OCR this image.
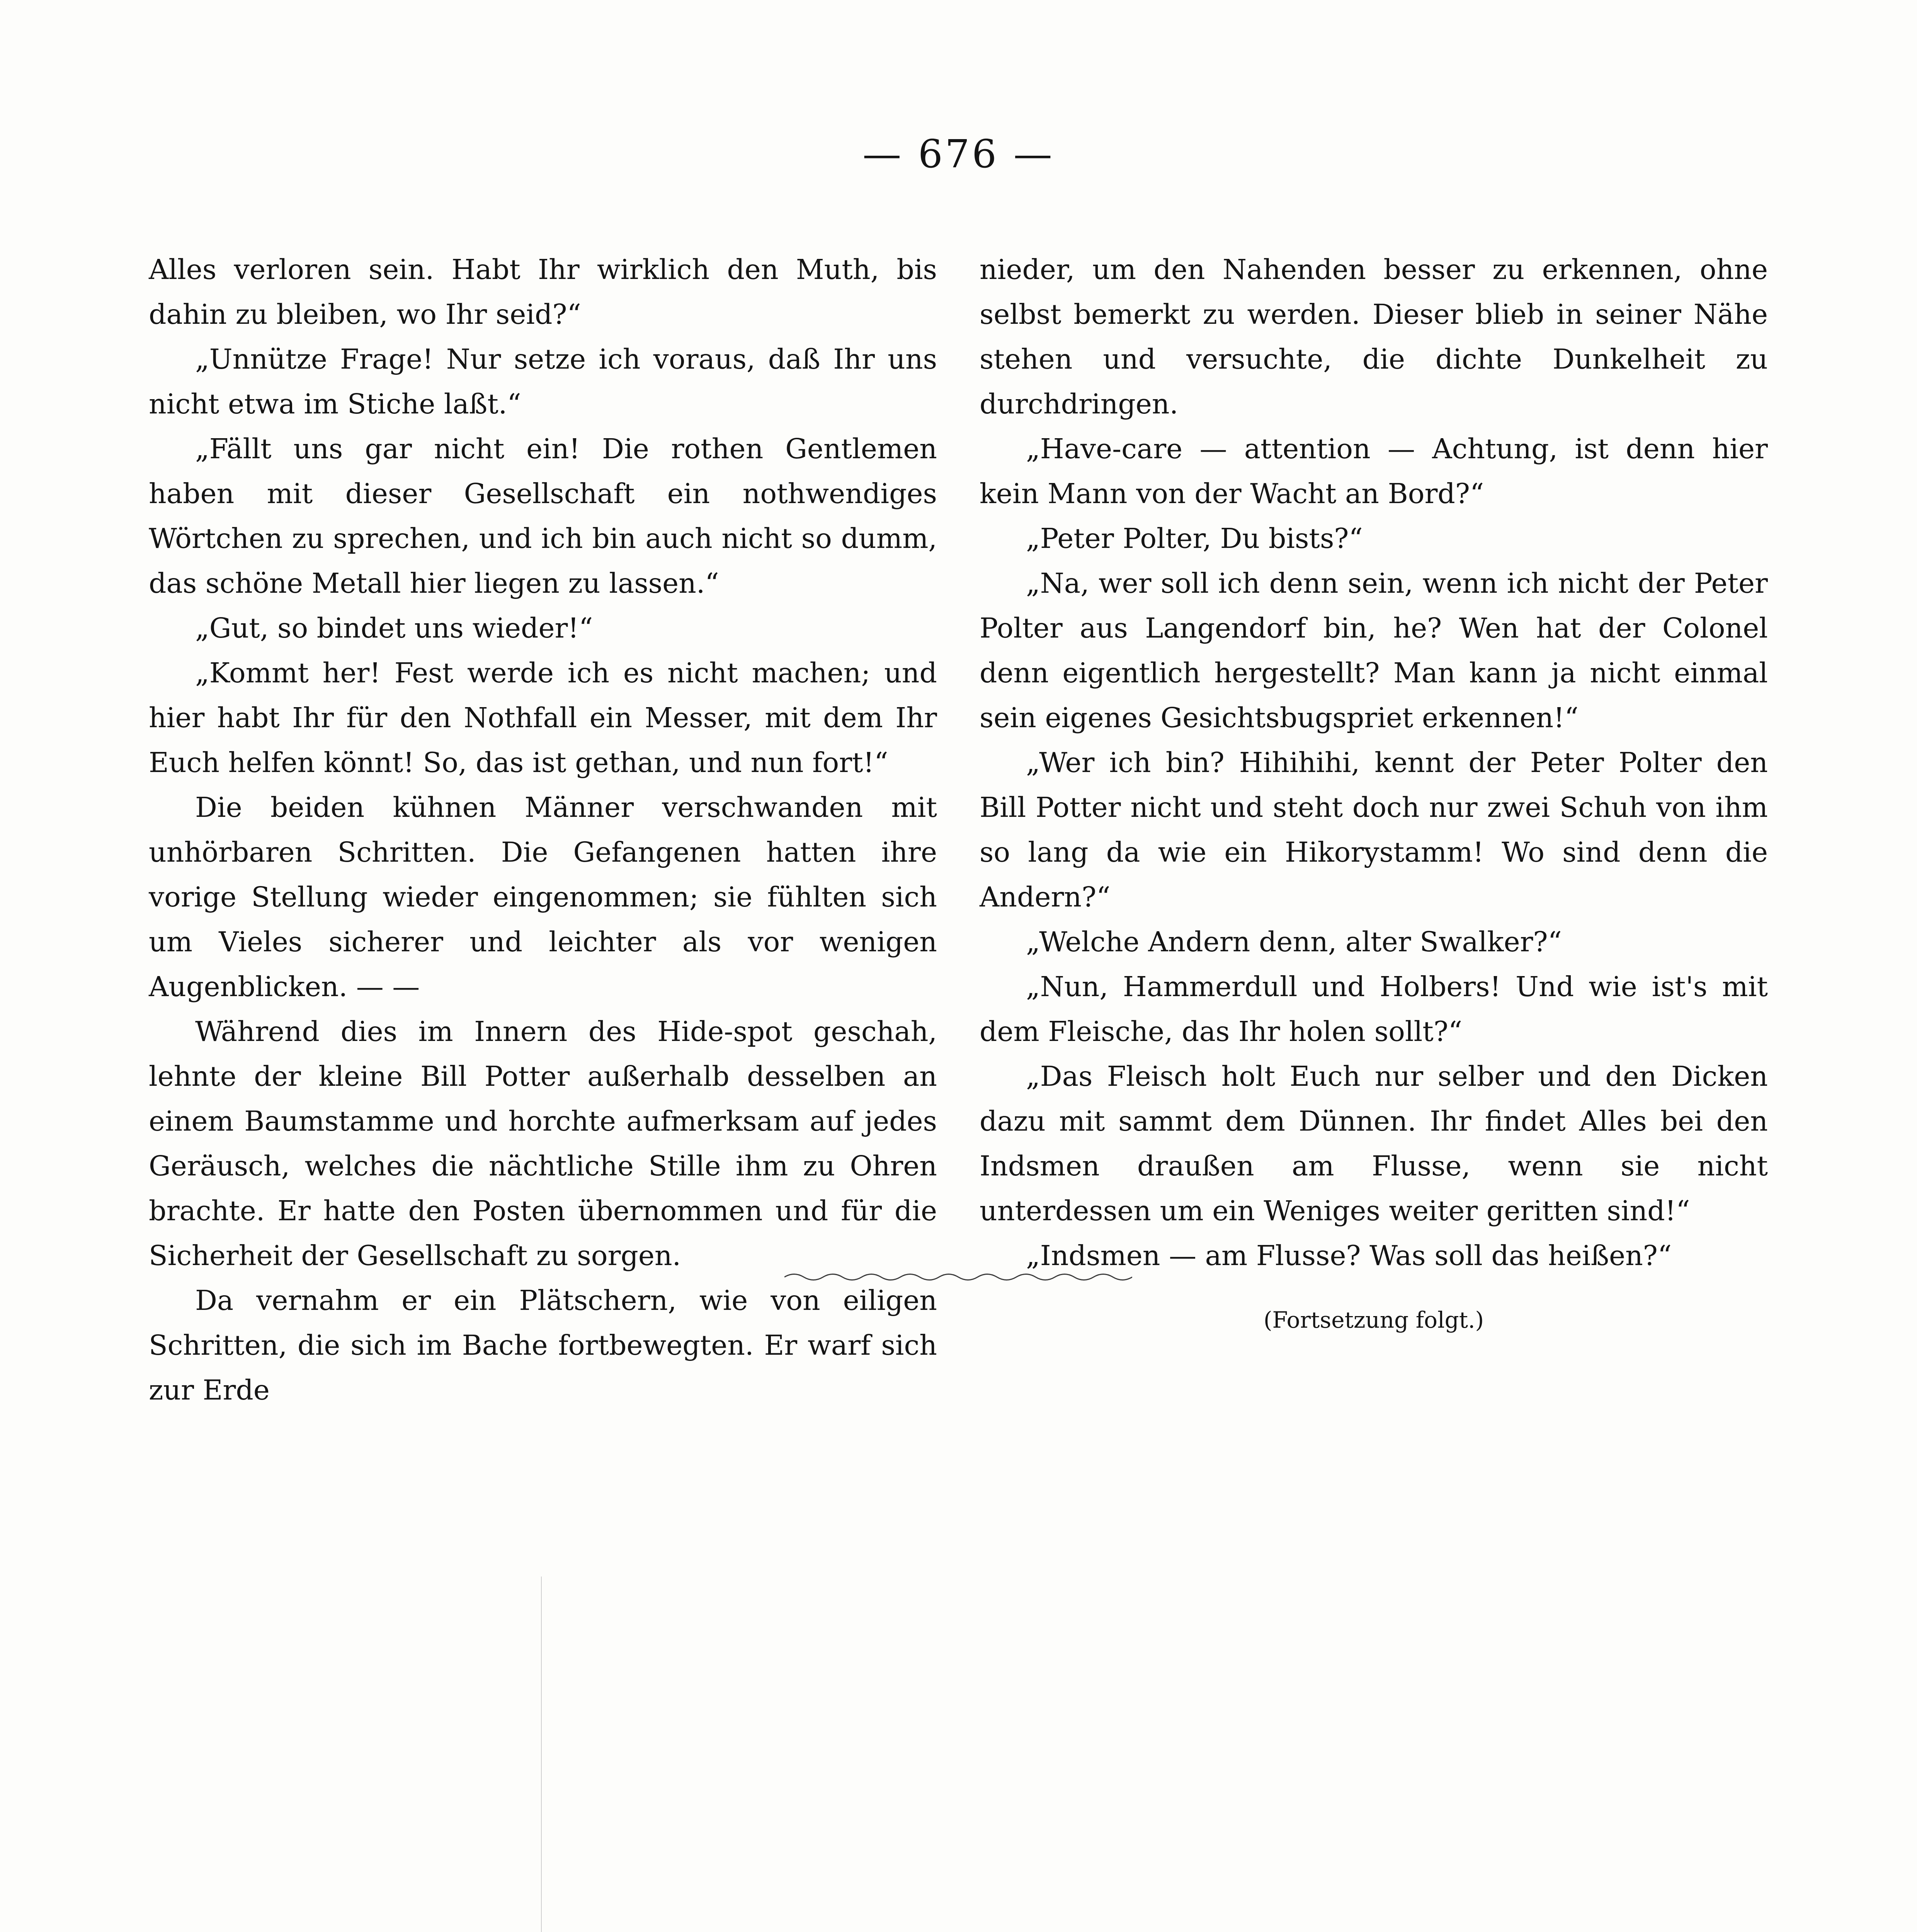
— 676 —

Alles verloren sein. Habt Ihr wirklich den Muth, bis dahin zu bleiben, wo Ihr seid?“

„Unnütze Frage! Nur setze ich voraus, daß Ihr uns nicht etwa im Stiche laßt.“

„Fällt uns gar nicht ein! Die rothen Gentlemen haben mit dieser Gesellschaft ein nothwendiges Wörtchen zu sprechen, und ich bin auch nicht so dumm, das schöne Metall hier liegen zu lassen.“

„Gut, so bindet uns wieder!“

„Kommt her! Fest werde ich es nicht machen; und hier habt Ihr für den Nothfall ein Messer, mit dem Ihr Euch helfen könnt! So, das ist gethan, und nun fort!“

Die beiden kühnen Männer verschwanden mit unhörbaren Schritten. Die Gefangenen hatten ihre vorige Stellung wieder eingenommen; sie fühlten sich um Vieles sicherer und leichter als vor wenigen Augenblicken. — —

Während dies im Innern des Hide-spot geschah, lehnte der kleine Bill Potter außerhalb desselben an einem Baumstamme und horchte aufmerksam auf jedes Geräusch, welches die nächtliche Stille ihm zu Ohren brachte. Er hatte den Posten übernommen und für die Sicherheit der Gesellschaft zu sorgen.

Da vernahm er ein Plätschern, wie von eiligen Schritten, die sich im Bache fortbewegten. Er warf sich zur Erde

nieder, um den Nahenden besser zu erkennen, ohne selbst bemerkt zu werden. Dieser blieb in seiner Nähe stehen und versuchte, die dichte Dunkelheit zu durchdringen.

„Have-care — attention — Achtung, ist denn hier kein Mann von der Wacht an Bord?“

„Peter Polter, Du bists?“

„Na, wer soll ich denn sein, wenn ich nicht der Peter Polter aus Langendorf bin, he? Wen hat der Colonel denn eigentlich hergestellt? Man kann ja nicht einmal sein eigenes Gesichtsbugspriet erkennen!“

„Wer ich bin? Hihihihi, kennt der Peter Polter den Bill Potter nicht und steht doch nur zwei Schuh von ihm so lang da wie ein Hikorystamm! Wo sind denn die Andern?“

„Welche Andern denn, alter Swalker?“

„Nun, Hammerdull und Holbers! Und wie ist's mit dem Fleische, das Ihr holen sollt?“

„Das Fleisch holt Euch nur selber und den Dicken dazu mit sammt dem Dünnen. Ihr findet Alles bei den Indsmen draußen am Flusse, wenn sie nicht unterdessen um ein Weniges weiter geritten sind!“

„Indsmen — am Flusse? Was soll das heißen?“

(Fortsetzung folgt.)
